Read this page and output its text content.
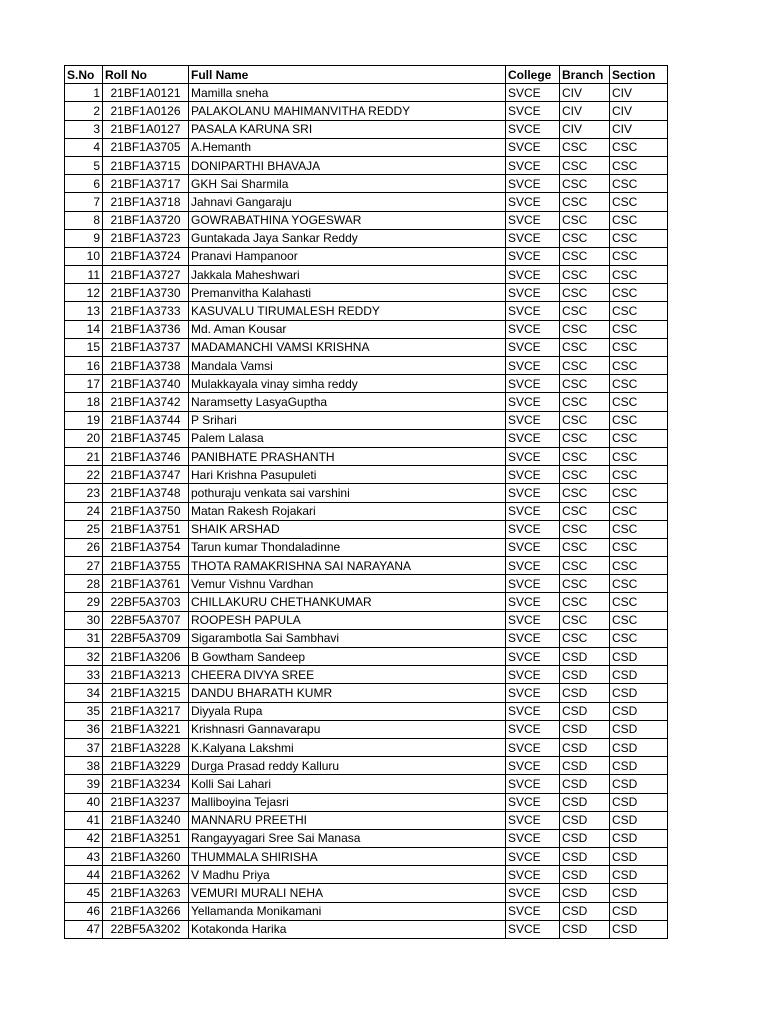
S.No	Roll No	Full Name	College	Branch	Section
1	21BF1A0121	Mamilla sneha	SVCE	CIV	CIV
2	21BF1A0126	PALAKOLANU MAHIMANVITHA REDDY	SVCE	CIV	CIV
3	21BF1A0127	PASALA KARUNA SRI	SVCE	CIV	CIV
4	21BF1A3705	A.Hemanth	SVCE	CSC	CSC
5	21BF1A3715	DONIPARTHI BHAVAJA	SVCE	CSC	CSC
6	21BF1A3717	GKH Sai Sharmila	SVCE	CSC	CSC
7	21BF1A3718	Jahnavi Gangaraju	SVCE	CSC	CSC
8	21BF1A3720	GOWRABATHINA YOGESWAR	SVCE	CSC	CSC
9	21BF1A3723	Guntakada Jaya Sankar Reddy	SVCE	CSC	CSC
10	21BF1A3724	Pranavi Hampanoor	SVCE	CSC	CSC
11	21BF1A3727	Jakkala Maheshwari	SVCE	CSC	CSC
12	21BF1A3730	Premanvitha Kalahasti	SVCE	CSC	CSC
13	21BF1A3733	KASUVALU TIRUMALESH REDDY	SVCE	CSC	CSC
14	21BF1A3736	Md. Aman Kousar	SVCE	CSC	CSC
15	21BF1A3737	MADAMANCHI VAMSI KRISHNA	SVCE	CSC	CSC
16	21BF1A3738	Mandala Vamsi	SVCE	CSC	CSC
17	21BF1A3740	Mulakkayala vinay simha reddy	SVCE	CSC	CSC
18	21BF1A3742	Naramsetty LasyaGuptha	SVCE	CSC	CSC
19	21BF1A3744	P Srihari	SVCE	CSC	CSC
20	21BF1A3745	Palem Lalasa	SVCE	CSC	CSC
21	21BF1A3746	PANIBHATE PRASHANTH	SVCE	CSC	CSC
22	21BF1A3747	Hari Krishna Pasupuleti	SVCE	CSC	CSC
23	21BF1A3748	pothuraju venkata sai varshini	SVCE	CSC	CSC
24	21BF1A3750	Matan Rakesh Rojakari	SVCE	CSC	CSC
25	21BF1A3751	SHAIK ARSHAD	SVCE	CSC	CSC
26	21BF1A3754	Tarun kumar Thondaladinne	SVCE	CSC	CSC
27	21BF1A3755	THOTA RAMAKRISHNA SAI NARAYANA	SVCE	CSC	CSC
28	21BF1A3761	Vemur Vishnu Vardhan	SVCE	CSC	CSC
29	22BF5A3703	CHILLAKURU CHETHANKUMAR	SVCE	CSC	CSC
30	22BF5A3707	ROOPESH PAPULA	SVCE	CSC	CSC
31	22BF5A3709	Sigarambotla Sai Sambhavi	SVCE	CSC	CSC
32	21BF1A3206	B Gowtham Sandeep	SVCE	CSD	CSD
33	21BF1A3213	CHEERA DIVYA SREE	SVCE	CSD	CSD
34	21BF1A3215	DANDU BHARATH KUMR	SVCE	CSD	CSD
35	21BF1A3217	Diyyala Rupa	SVCE	CSD	CSD
36	21BF1A3221	Krishnasri Gannavarapu	SVCE	CSD	CSD
37	21BF1A3228	K.Kalyana Lakshmi	SVCE	CSD	CSD
38	21BF1A3229	Durga Prasad reddy Kalluru	SVCE	CSD	CSD
39	21BF1A3234	Kolli Sai Lahari	SVCE	CSD	CSD
40	21BF1A3237	Malliboyina Tejasri	SVCE	CSD	CSD
41	21BF1A3240	MANNARU PREETHI	SVCE	CSD	CSD
42	21BF1A3251	Rangayyagari Sree Sai Manasa	SVCE	CSD	CSD
43	21BF1A3260	THUMMALA SHIRISHA	SVCE	CSD	CSD
44	21BF1A3262	V Madhu Priya	SVCE	CSD	CSD
45	21BF1A3263	VEMURI MURALI NEHA	SVCE	CSD	CSD
46	21BF1A3266	Yellamanda Monikamani	SVCE	CSD	CSD
47	22BF5A3202	Kotakonda Harika	SVCE	CSD	CSD
